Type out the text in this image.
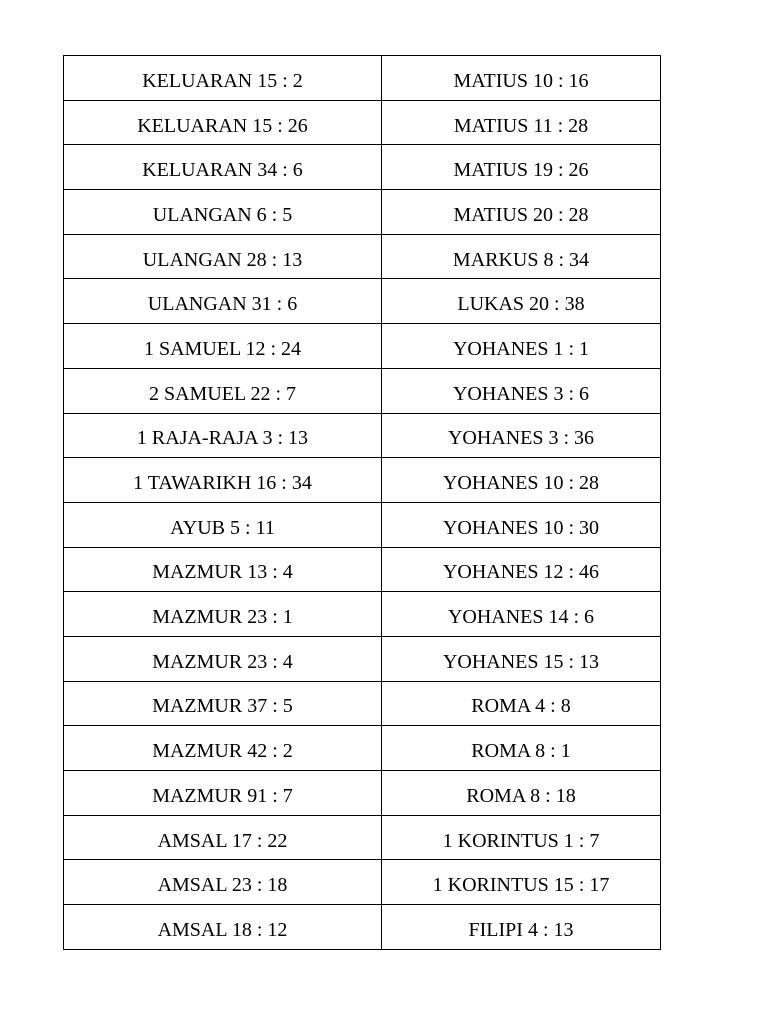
KELUARAN 15 : 2	MATIUS 10 : 16
KELUARAN 15 : 26	MATIUS 11 : 28
KELUARAN 34 : 6	MATIUS 19 : 26
ULANGAN 6 : 5	MATIUS 20 : 28
ULANGAN 28 : 13	MARKUS 8 : 34
ULANGAN 31 : 6	LUKAS 20 : 38
1 SAMUEL 12 : 24	YOHANES 1 : 1
2 SAMUEL 22 : 7	YOHANES 3 : 6
1 RAJA-RAJA 3 : 13	YOHANES 3 : 36
1 TAWARIKH 16 : 34	YOHANES 10 : 28
AYUB 5 : 11	YOHANES 10 : 30
MAZMUR 13 : 4	YOHANES 12 : 46
MAZMUR 23 : 1	YOHANES 14 : 6
MAZMUR 23 : 4	YOHANES 15 : 13
MAZMUR 37 : 5	ROMA 4 : 8
MAZMUR 42 : 2	ROMA 8 : 1
MAZMUR 91 : 7	ROMA 8 : 18
AMSAL 17 : 22	1 KORINTUS 1 : 7
AMSAL 23 : 18	1 KORINTUS 15 : 17
AMSAL 18 : 12	FILIPI 4 : 13
